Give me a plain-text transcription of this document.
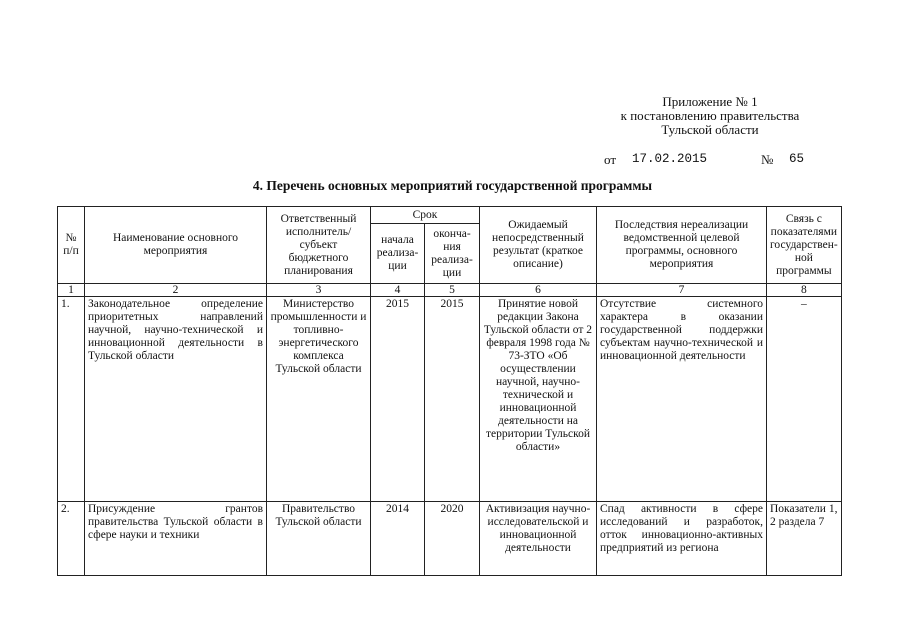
Приложение № 1
к постановлению правительства
Тульской области
от 17.02.2015	№ 65
4. Перечень основных мероприятий государственной программы
№ п/п	Наименование основного мероприятия	Ответственный исполнитель/ субъект бюджетного планирования	Срок		Ожидаемый непосредственный результат (краткое описание)	Последствия нереализации ведомственной целевой программы, основного мероприятия	Связь с показателями государствен-ной программы
			начала реализа-ции	оконча-ния реализа-ции			
1	2	3	4	5	6	7	8
1.	Законодательное определение приоритетных направлений научной, научно-технической и инновационной деятельности в Тульской области	Министерство промышленности и топливно-энергетического комплекса Тульской области	2015	2015	Принятие новой редакции Закона Тульской области от 2 февраля 1998 года № 73-ЗТО «Об осуществлении научной, научно-технической и инновационной деятельности на территории Тульской области»	Отсутствие системного характера в оказании государственной поддержки субъектам научно-технической и инновационной деятельности	–

2.	Присуждение грантов правительства Тульской области в сфере науки и техники	Правительство Тульской области	2014	2020	Активизация научно-исследовательской и инновационной деятельности	Спад активности в сфере исследований и разработок, отток инновационно-активных предприятий из региона	Показатели 1, 2 раздела 7
